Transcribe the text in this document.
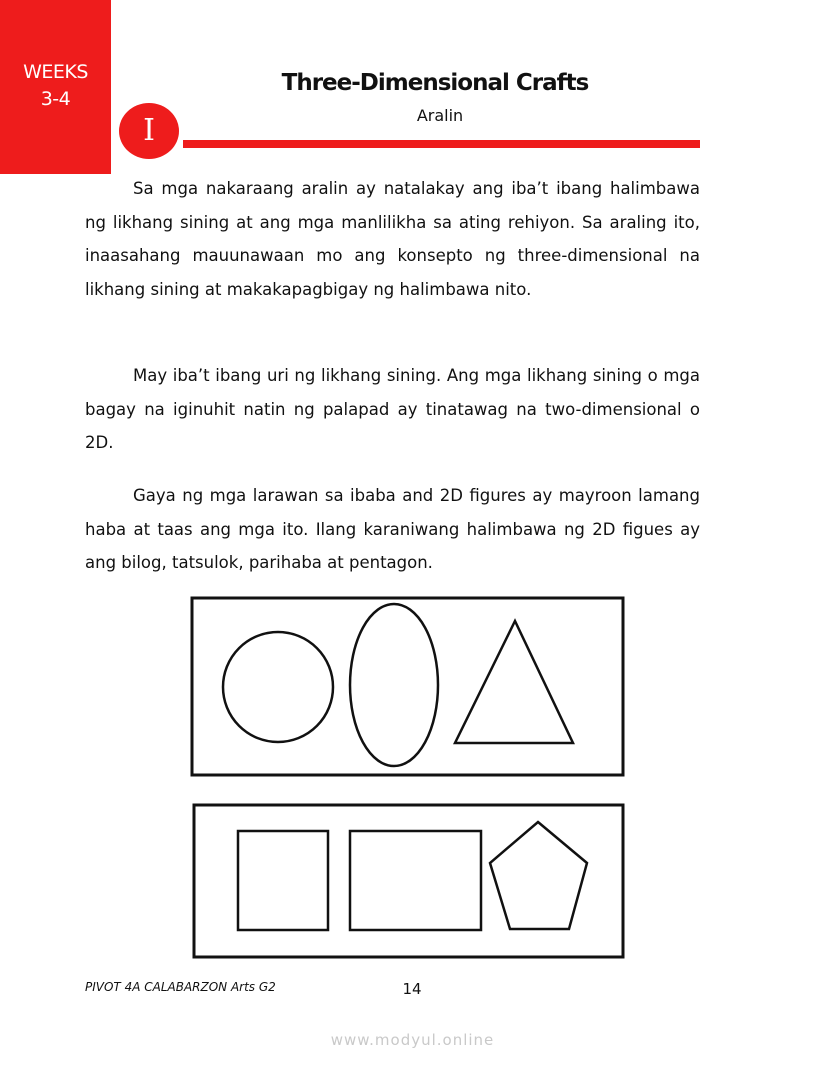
WEEKS
3-4
Three-Dimensional Crafts
Aralin
I

Sa mga nakaraang aralin ay natalakay ang iba’t ibang halimbawa ng likhang sining at ang mga manlilikha sa ating rehiyon. Sa araling ito, inaasahang mauunawaan mo ang konsepto ng three-dimensional na likhang sining at makakapagbigay ng halimbawa nito.

May iba’t ibang uri ng likhang sining. Ang mga likhang sining o mga bagay na iginuhit natin ng palapad ay tinatawag na two-dimensional o 2D.

Gaya ng mga larawan sa ibaba and 2D figures ay mayroon lamang haba at taas ang mga ito. Ilang karaniwang halimbawa ng 2D figues ay ang bilog, tatsulok, parihaba at pentagon.

PIVOT 4A CALABARZON Arts G2	14
www.modyul.online
